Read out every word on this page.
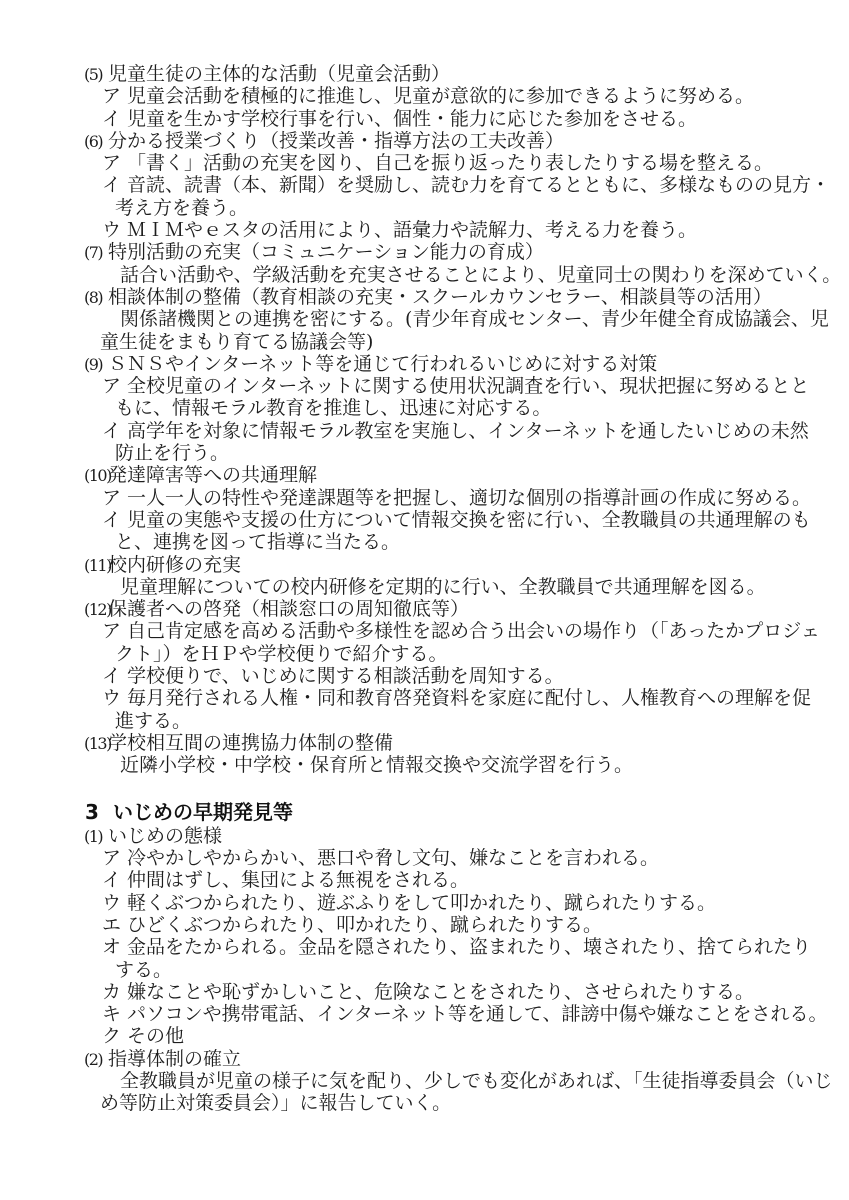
(5) 児童生徒の主体的な活動（児童会活動）
ア 児童会活動を積極的に推進し、児童が意欲的に参加できるように努める。
イ 児童を生かす学校行事を行い、個性・能力に応じた参加をさせる。
(6) 分かる授業づくり（授業改善・指導方法の工夫改善）
ア 「書く」活動の充実を図り、自己を振り返ったり表したりする場を整える。
イ 音読、読書（本、新聞）を奨励し、読む力を育てるとともに、多様なものの見方・
考え方を養う。
ウ ＭＩＭやｅスタの活用により、語彙力や読解力、考える力を養う。
(7) 特別活動の充実（コミュニケーション能力の育成）
話合い活動や、学級活動を充実させることにより、児童同士の関わりを深めていく。
(8) 相談体制の整備（教育相談の充実・スクールカウンセラー、相談員等の活用）
関係諸機関との連携を密にする。(青少年育成センター、青少年健全育成協議会、児
童生徒をまもり育てる協議会等)
(9) ＳＮＳやインターネット等を通じて行われるいじめに対する対策
ア 全校児童のインターネットに関する使用状況調査を行い、現状把握に努めるとと
もに、情報モラル教育を推進し、迅速に対応する。
イ 高学年を対象に情報モラル教室を実施し、インターネットを通したいじめの未然
防止を行う。
(10)
発達障害等への共通理解
ア 一人一人の特性や発達課題等を把握し、適切な個別の指導計画の作成に努める。
イ 児童の実態や支援の仕方について情報交換を密に行い、全教職員の共通理解のも
と、連携を図って指導に当たる。
(11)
校内研修の充実
児童理解についての校内研修を定期的に行い、全教職員で共通理解を図る。
(12)
保護者への啓発（相談窓口の周知徹底等）
ア 自己肯定感を高める活動や多様性を認め合う出会いの場作り（「あったかプロジェ
クト」）をＨＰや学校便りで紹介する。
イ 学校便りで、いじめに関する相談活動を周知する。
ウ 毎月発行される人権・同和教育啓発資料を家庭に配付し、人権教育への理解を促
進する。
(13)
学校相互間の連携協力体制の整備
近隣小学校・中学校・保育所と情報交換や交流学習を行う。
3 いじめの早期発見等
(1) いじめの態様
ア 冷やかしやからかい、悪口や脅し文句、嫌なことを言われる。
イ 仲間はずし、集団による無視をされる。
ウ 軽くぶつかられたり、遊ぶふりをして叩かれたり、蹴られたりする。
エ ひどくぶつかられたり、叩かれたり、蹴られたりする。
オ 金品をたかられる。金品を隠されたり、盗まれたり、壊されたり、捨てられたり
する。
カ 嫌なことや恥ずかしいこと、危険なことをされたり、させられたりする。
キ パソコンや携帯電話、インターネット等を通して、誹謗中傷や嫌なことをされる。
ク その他
(2) 指導体制の確立
全教職員が児童の様子に気を配り、少しでも変化があれば、「生徒指導委員会（いじ
め等防止対策委員会）」に報告していく。
